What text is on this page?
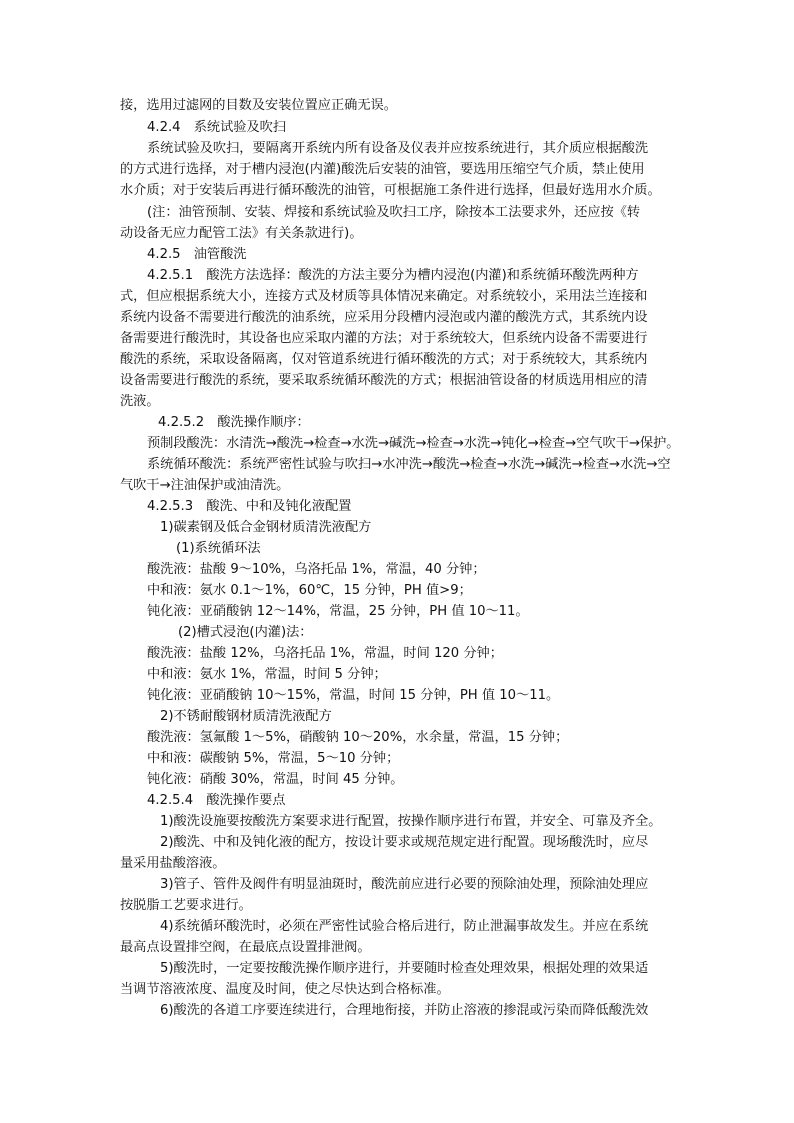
接，选用过滤网的目数及安装位置应正确无误。
4.2.4　系统试验及吹扫
系统试验及吹扫，要隔离开系统内所有设备及仪表并应按系统进行，其介质应根据酸洗
的方式进行选择，对于槽内浸泡(内灌)酸洗后安装的油管，要选用压缩空气介质，禁止使用
水介质；对于安装后再进行循环酸洗的油管，可根据施工条件进行选择，但最好选用水介质。
(注：油管预制、安装、焊接和系统试验及吹扫工序，除按本工法要求外，还应按《转
动设备无应力配管工法》有关条款进行)。
4.2.5　油管酸洗
4.2.5.1　酸洗方法选择：酸洗的方法主要分为槽内浸泡(内灌)和系统循环酸洗两种方
式，但应根据系统大小，连接方式及材质等具体情况来确定。对系统较小，采用法兰连接和
系统内设备不需要进行酸洗的油系统，应采用分段槽内浸泡或内灌的酸洗方式，其系统内设
备需要进行酸洗时，其设备也应采取内灌的方法；对于系统较大，但系统内设备不需要进行
酸洗的系统，采取设备隔离，仅对管道系统进行循环酸洗的方式；对于系统较大，其系统内
设备需要进行酸洗的系统，要采取系统循环酸洗的方式；根据油管设备的材质选用相应的清
洗液。
4.2.5.2　酸洗操作顺序：
预制段酸洗：水清洗→酸洗→检查→水洗→碱洗→检查→水洗→钝化→检查→空气吹干→保护。
系统循环酸洗：系统严密性试验与吹扫→水冲洗→酸洗→检查→水洗→碱洗→检查→水洗→空
气吹干→注油保护或油清洗。
4.2.5.3　酸洗、中和及钝化液配置
1)碳素钢及低合金钢材质清洗液配方
(1)系统循环法
酸洗液：盐酸 9～10%，乌洛托品 1%，常温，40 分钟；
中和液：氨水 0.1～1%，60℃，15 分钟，PH 值>9；
钝化液：亚硝酸钠 12～14%，常温，25 分钟，PH 值 10～11。
(2)槽式浸泡(内灌)法：
酸洗液：盐酸 12%，乌洛托品 1%，常温，时间 120 分钟；
中和液：氨水 1%，常温，时间 5 分钟；
钝化液：亚硝酸钠 10～15%，常温，时间 15 分钟，PH 值 10～11。
2)不锈耐酸钢材质清洗液配方
酸洗液：氢氟酸 1～5%，硝酸钠 10～20%，水余量，常温，15 分钟；
中和液：碳酸钠 5%，常温，5～10 分钟；
钝化液：硝酸 30%，常温，时间 45 分钟。
4.2.5.4　酸洗操作要点
1)酸洗设施要按酸洗方案要求进行配置，按操作顺序进行布置，并安全、可靠及齐全。
2)酸洗、中和及钝化液的配方，按设计要求或规范规定进行配置。现场酸洗时，应尽
量采用盐酸溶液。
3)管子、管件及阀件有明显油斑时，酸洗前应进行必要的预除油处理，预除油处理应
按脱脂工艺要求进行。
4)系统循环酸洗时，必须在严密性试验合格后进行，防止泄漏事故发生。并应在系统
最高点设置排空阀，在最底点设置排泄阀。
5)酸洗时，一定要按酸洗操作顺序进行，并要随时检查处理效果，根据处理的效果适
当调节溶液浓度、温度及时间，使之尽快达到合格标准。
6)酸洗的各道工序要连续进行，合理地衔接，并防止溶液的掺混或污染而降低酸洗效
